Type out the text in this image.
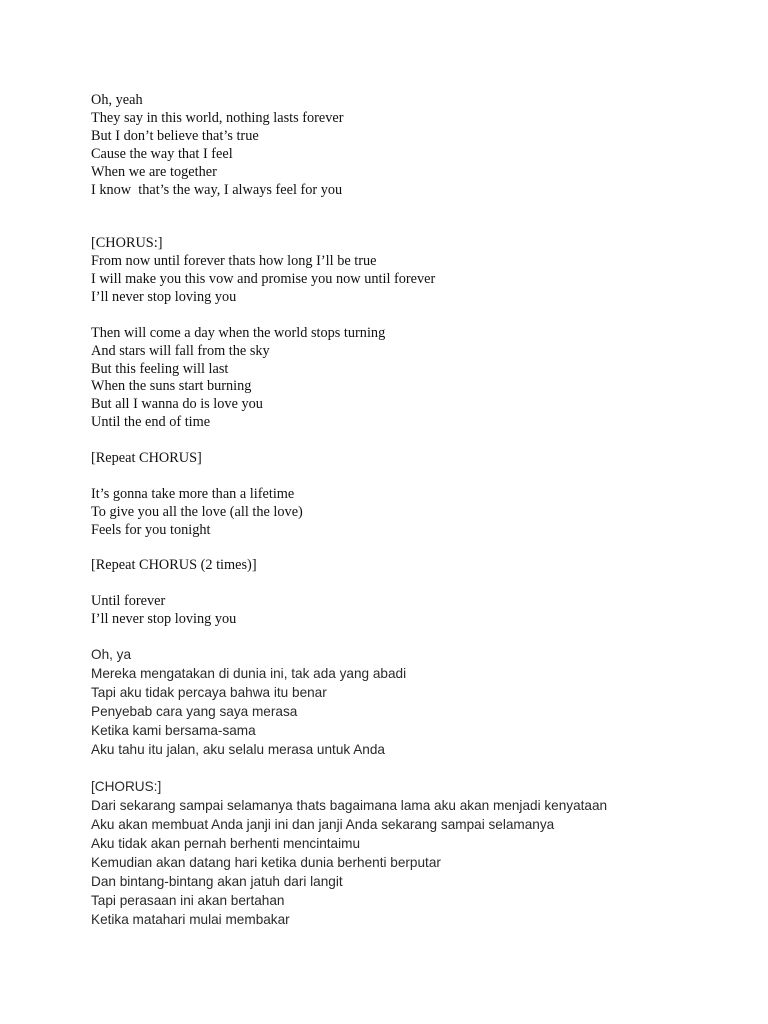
Oh, yeah
They say in this world, nothing lasts forever
But I don’t believe that’s true
Cause the way that I feel
When we are together
I know  that’s the way, I always feel for you
[CHORUS:]
From now until forever thats how long I’ll be true
I will make you this vow and promise you now until forever
I’ll never stop loving you
Then will come a day when the world stops turning
And stars will fall from the sky
But this feeling will last
When the suns start burning
But all I wanna do is love you
Until the end of time
[Repeat CHORUS]
It’s gonna take more than a lifetime
To give you all the love (all the love)
Feels for you tonight
[Repeat CHORUS (2 times)]
Until forever
I’ll never stop loving you
Oh, ya
Mereka mengatakan di dunia ini, tak ada yang abadi
Tapi aku tidak percaya bahwa itu benar
Penyebab cara yang saya merasa
Ketika kami bersama-sama
Aku tahu itu jalan, aku selalu merasa untuk Anda
[CHORUS:]
Dari sekarang sampai selamanya thats bagaimana lama aku akan menjadi kenyataan
Aku akan membuat Anda janji ini dan janji Anda sekarang sampai selamanya
Aku tidak akan pernah berhenti mencintaimu
Kemudian akan datang hari ketika dunia berhenti berputar
Dan bintang-bintang akan jatuh dari langit
Tapi perasaan ini akan bertahan
Ketika matahari mulai membakar
